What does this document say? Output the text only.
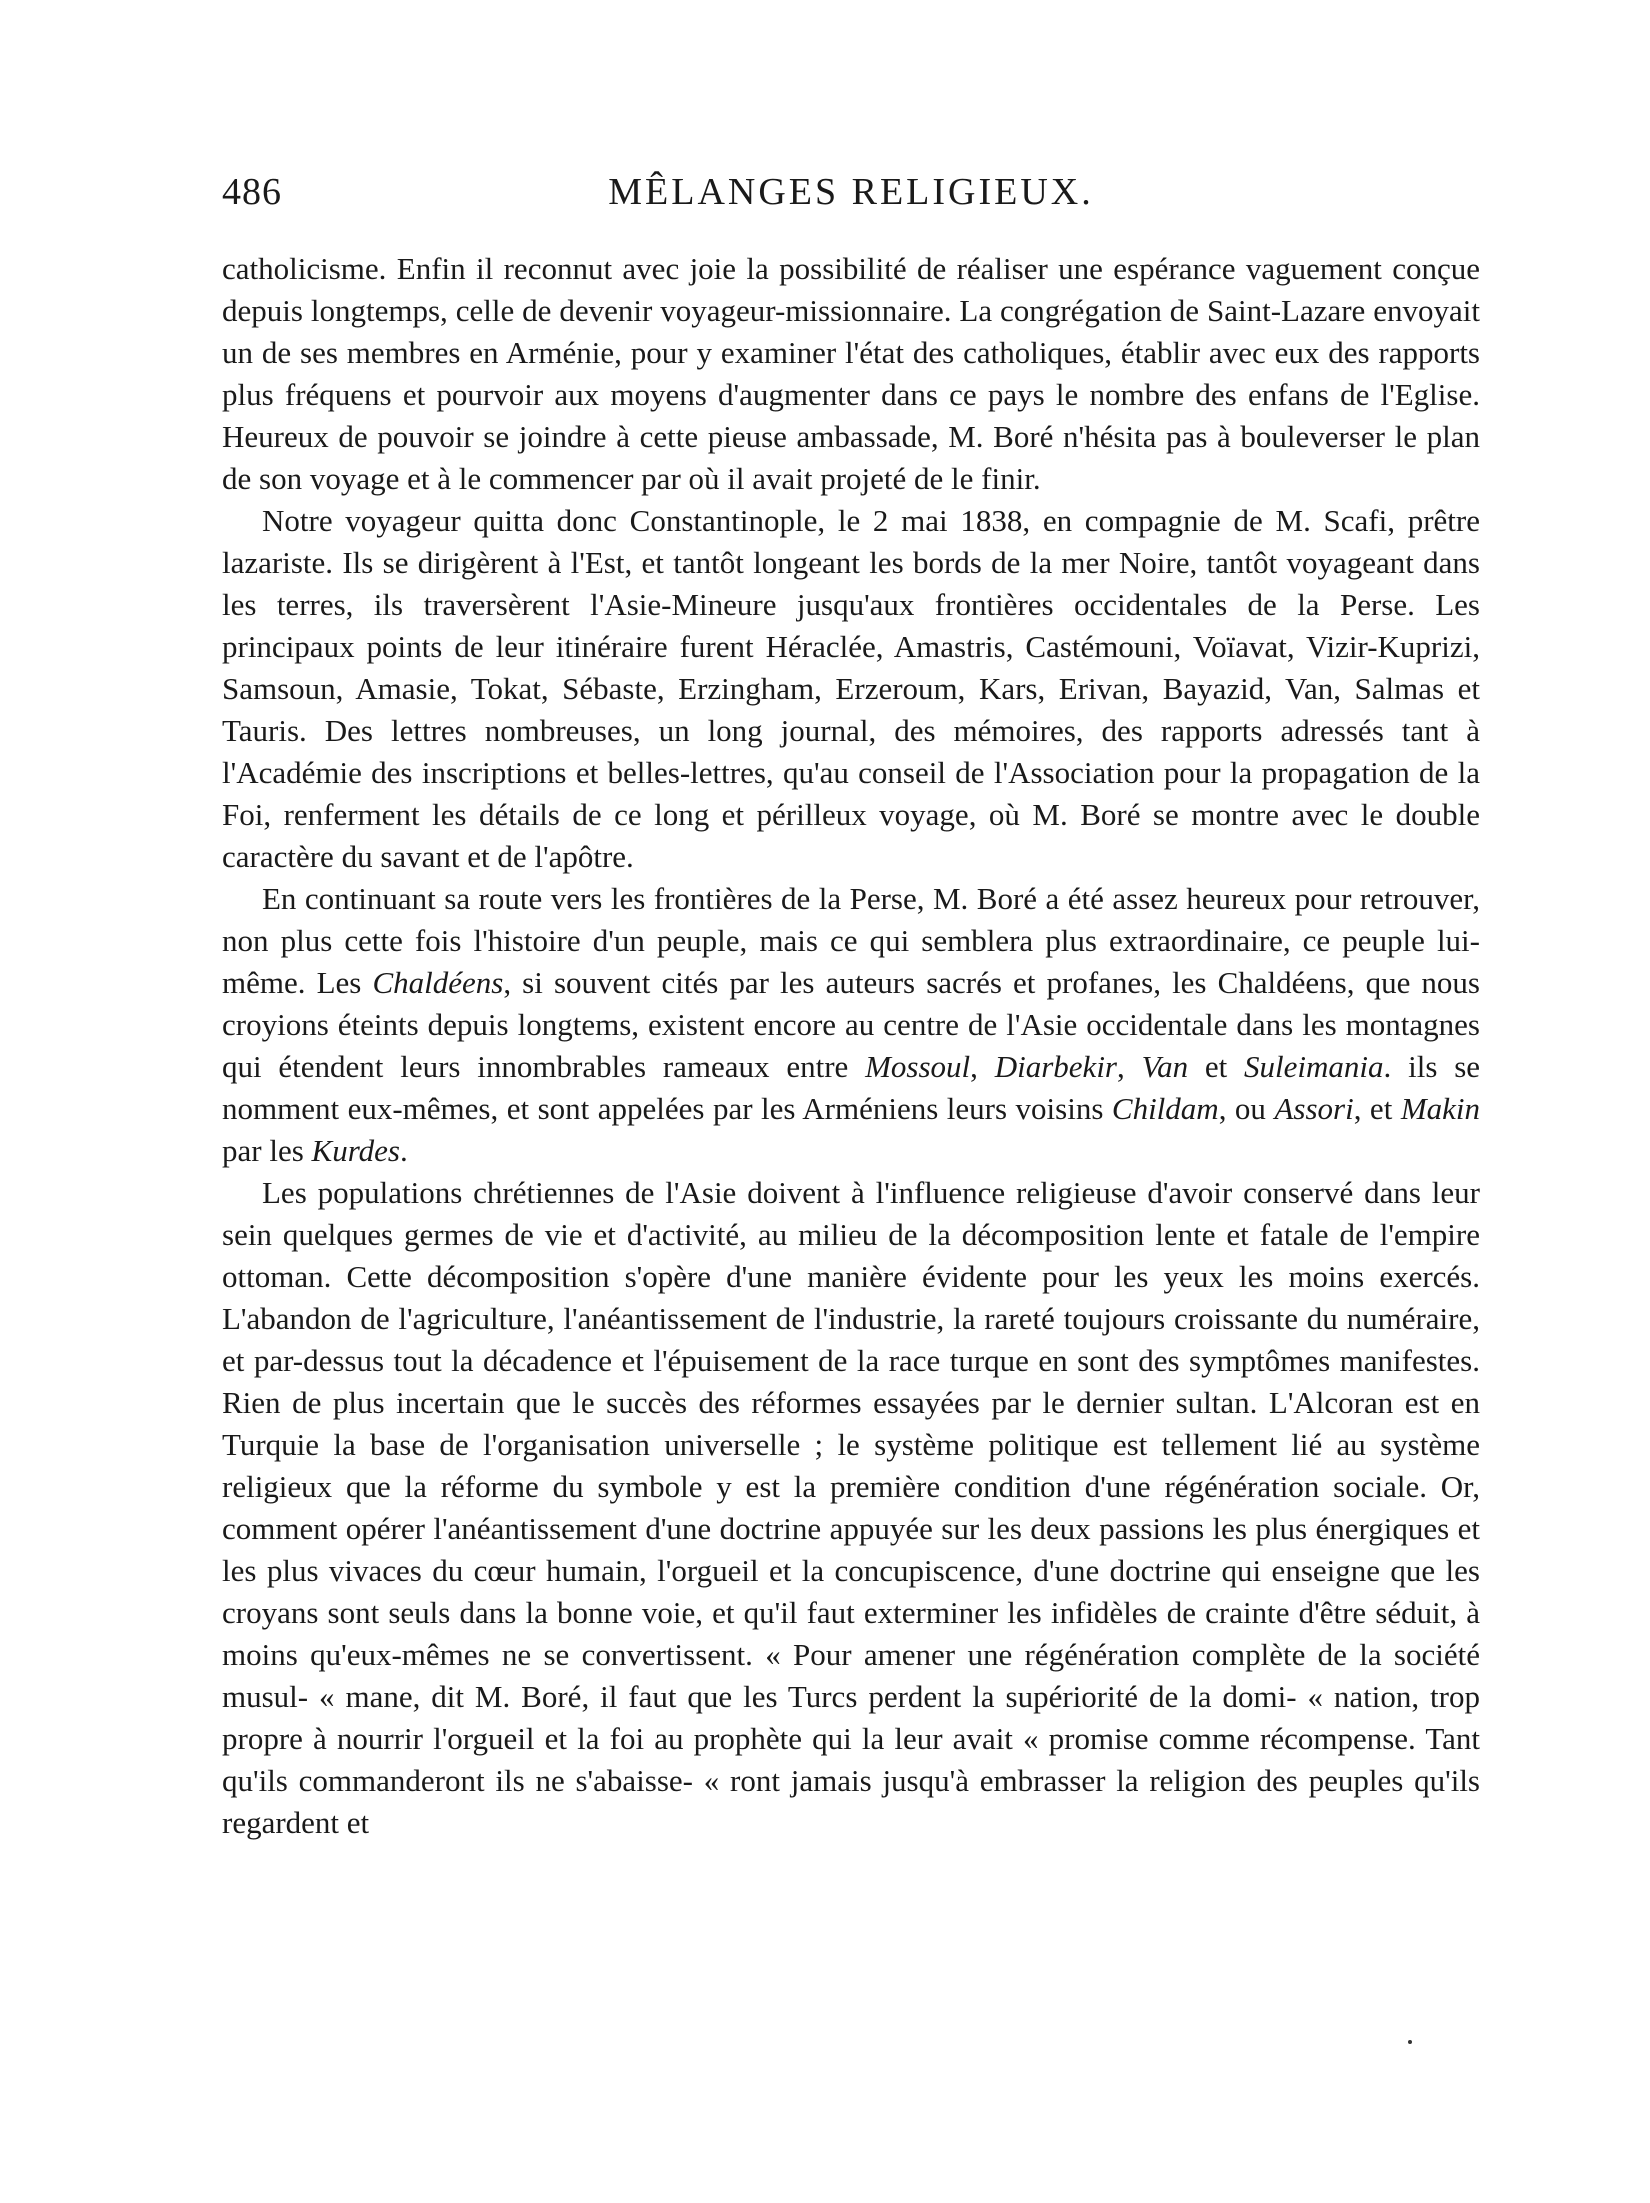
486	MÊLANGES RELIGIEUX.

catholicisme. Enfin il reconnut avec joie la possibilité de réaliser une espérance vaguement conçue depuis longtemps, celle de devenir voyageur-missionnaire. La congrégation de Saint-Lazare envoyait un de ses membres en Arménie, pour y examiner l'état des catholiques, établir avec eux des rapports plus fréquens et pourvoir aux moyens d'augmenter dans ce pays le nombre des enfans de l'Eglise. Heureux de pouvoir se joindre à cette pieuse ambassade, M. Boré n'hésita pas à bouleverser le plan de son voyage et à le commencer par où il avait projeté de le finir.

Notre voyageur quitta donc Constantinople, le 2 mai 1838, en compagnie de M. Scafi, prêtre lazariste. Ils se dirigèrent à l'Est, et tantôt longeant les bords de la mer Noire, tantôt voyageant dans les terres, ils traversèrent l'Asie-Mineure jusqu'aux frontières occidentales de la Perse. Les principaux points de leur itinéraire furent Héraclée, Amastris, Castémouni, Voïavat, Vizir-Kuprizi, Samsoun, Amasie, Tokat, Sébaste, Erzingham, Erzeroum, Kars, Erivan, Bayazid, Van, Salmas et Tauris. Des lettres nombreuses, un long journal, des mémoires, des rapports adressés tant à l'Académie des inscriptions et belles-lettres, qu'au conseil de l'Association pour la propagation de la Foi, renferment les détails de ce long et périlleux voyage, où M. Boré se montre avec le double caractère du savant et de l'apôtre.

En continuant sa route vers les frontières de la Perse, M. Boré a été assez heureux pour retrouver, non plus cette fois l'histoire d'un peuple, mais ce qui semblera plus extraordinaire, ce peuple lui-même. Les Chaldéens, si souvent cités par les auteurs sacrés et profanes, les Chaldéens, que nous croyions éteints depuis longtems, existent encore au centre de l'Asie occidentale dans les montagnes qui étendent leurs innombrables rameaux entre Mossoul, Diarbekir, Van et Suleimania. ils se nomment eux-mêmes, et sont appelées par les Arméniens leurs voisins Childam, ou Assori, et Makin par les Kurdes.

Les populations chrétiennes de l'Asie doivent à l'influence religieuse d'avoir conservé dans leur sein quelques germes de vie et d'activité, au milieu de la décomposition lente et fatale de l'empire ottoman. Cette décomposition s'opère d'une manière évidente pour les yeux les moins exercés. L'abandon de l'agriculture, l'anéantissement de l'industrie, la rareté toujours croissante du numéraire, et par-dessus tout la décadence et l'épuisement de la race turque en sont des symptômes manifestes. Rien de plus incertain que le succès des réformes essayées par le dernier sultan. L'Alcoran est en Turquie la base de l'organisation universelle ; le système politique est tellement lié au système religieux que la réforme du symbole y est la première condition d'une régénération sociale. Or, comment opérer l'anéantissement d'une doctrine appuyée sur les deux passions les plus énergiques et les plus vivaces du cœur humain, l'orgueil et la concupiscence, d'une doctrine qui enseigne que les croyans sont seuls dans la bonne voie, et qu'il faut exterminer les infidèles de crainte d'être séduit, à moins qu'eux-mêmes ne se convertissent. « Pour amener une régénération complète de la société musul- « mane, dit M. Boré, il faut que les Turcs perdent la supériorité de la domi- « nation, trop propre à nourrir l'orgueil et la foi au prophète qui la leur avait « promise comme récompense. Tant qu'ils commanderont ils ne s'abaisse- « ront jamais jusqu'à embrasser la religion des peuples qu'ils regardent et
